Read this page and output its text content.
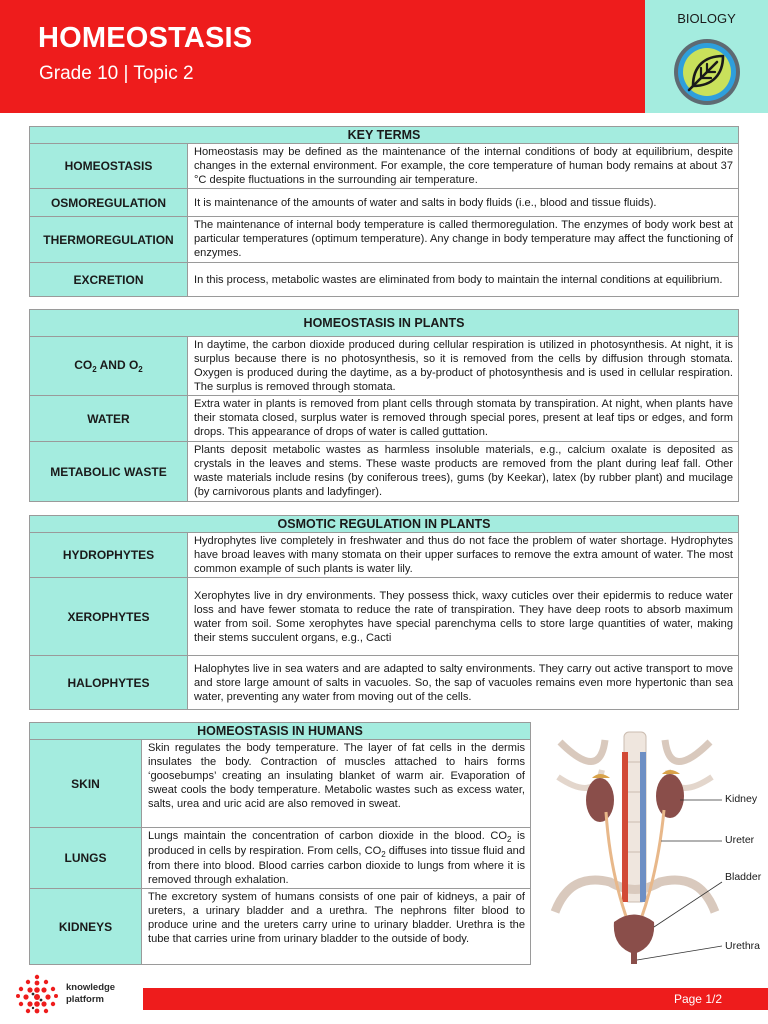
HOMEOSTASIS
Grade 10 | Topic 2
BIOLOGY
KEY TERMS	
HOMEOSTASIS	Homeostasis may be defined as the maintenance of the internal conditions of body at equilibrium, despite changes in the external environment. For example, the core temperature of human body remains at about 37 °C despite fluctuations in the surrounding air temperature.
OSMOREGULATION	It is maintenance of the amounts of water and salts in body fluids (i.e., blood and tissue fluids).
THERMOREGULATION	The maintenance of internal body temperature is called thermoregulation. The enzymes of body work best at particular temperatures (optimum temperature). Any change in body temperature may affect the functioning of enzymes.
EXCRETION	In this process, metabolic wastes are eliminated from body to maintain the internal conditions at equilibrium.
HOMEOSTASIS IN PLANTS	
$CO_2$ AND $O_2$	In daytime, the carbon dioxide produced during cellular respiration is utilized in photosynthesis. At night, it is surplus because there is no photosynthesis, so it is removed from the cells by diffusion through stomata. Oxygen is produced during the daytime, as a by-product of photosynthesis and is used in cellular respiration. The surplus is removed through stomata.
WATER	Extra water in plants is removed from plant cells through stomata by transpiration. At night, when plants have their stomata closed, surplus water is removed through special pores, present at leaf tips or edges, and form drops. This appearance of drops of water is called guttation.
METABOLIC WASTE	Plants deposit metabolic wastes as harmless insoluble materials, e.g., calcium oxalate is deposited as crystals in the leaves and stems. These waste products are removed from the plant during leaf fall. Other waste materials include resins (by coniferous trees), gums (by Keekar), latex (by rubber plant) and mucilage (by carnivorous plants and ladyfinger).
OSMOTIC REGULATION IN PLANTS	
HYDROPHYTES	Hydrophytes live completely in freshwater and thus do not face the problem of water shortage. Hydrophytes have broad leaves with many stomata on their upper surfaces to remove the extra amount of water. The most common example of such plants is water lily.
XEROPHYTES	Xerophytes live in dry environments. They possess thick, waxy cuticles over their epidermis to reduce water loss and have fewer stomata to reduce the rate of transpiration. They have deep roots to absorb maximum water from soil. Some xerophytes have special parenchyma cells to store large quantities of water, making their stems succulent organs, e.g., Cacti
HALOPHYTES	Halophytes live in sea waters and are adapted to salty environments. They carry out active transport to move and store large amount of salts in vacuoles. So, the sap of vacuoles remains even more hypertonic than sea water, preventing any water from moving out of the cells.
HOMEOSTASIS IN HUMANS	
SKIN	Skin regulates the body temperature. The layer of fat cells in the dermis insulates the body. Contraction of muscles attached to hairs forms ‘goosebumps’ creating an insulating blanket of warm air. Evaporation of sweat cools the body temperature. Metabolic wastes such as excess water, salts, urea and uric acid are also removed in sweat.
LUNGS	Lungs maintain the concentration of carbon dioxide in the blood. $CO_2$ is produced in cells by respiration. From cells, $CO_2$ diffuses into tissue fluid and from there into blood. Blood carries carbon dioxide to lungs from where it is removed through exhalation.
KIDNEYS	The excretory system of humans consists of one pair of kidneys, a pair of ureters, a urinary bladder and a urethra. The nephrons filter blood to produce urine and the ureters carry urine to urinary bladder. Urethra is the tube that carries urine from urinary bladder to the outside of body.
Kidney
Ureter
Bladder
Urethra
knowledge
platform	Page 1/2
